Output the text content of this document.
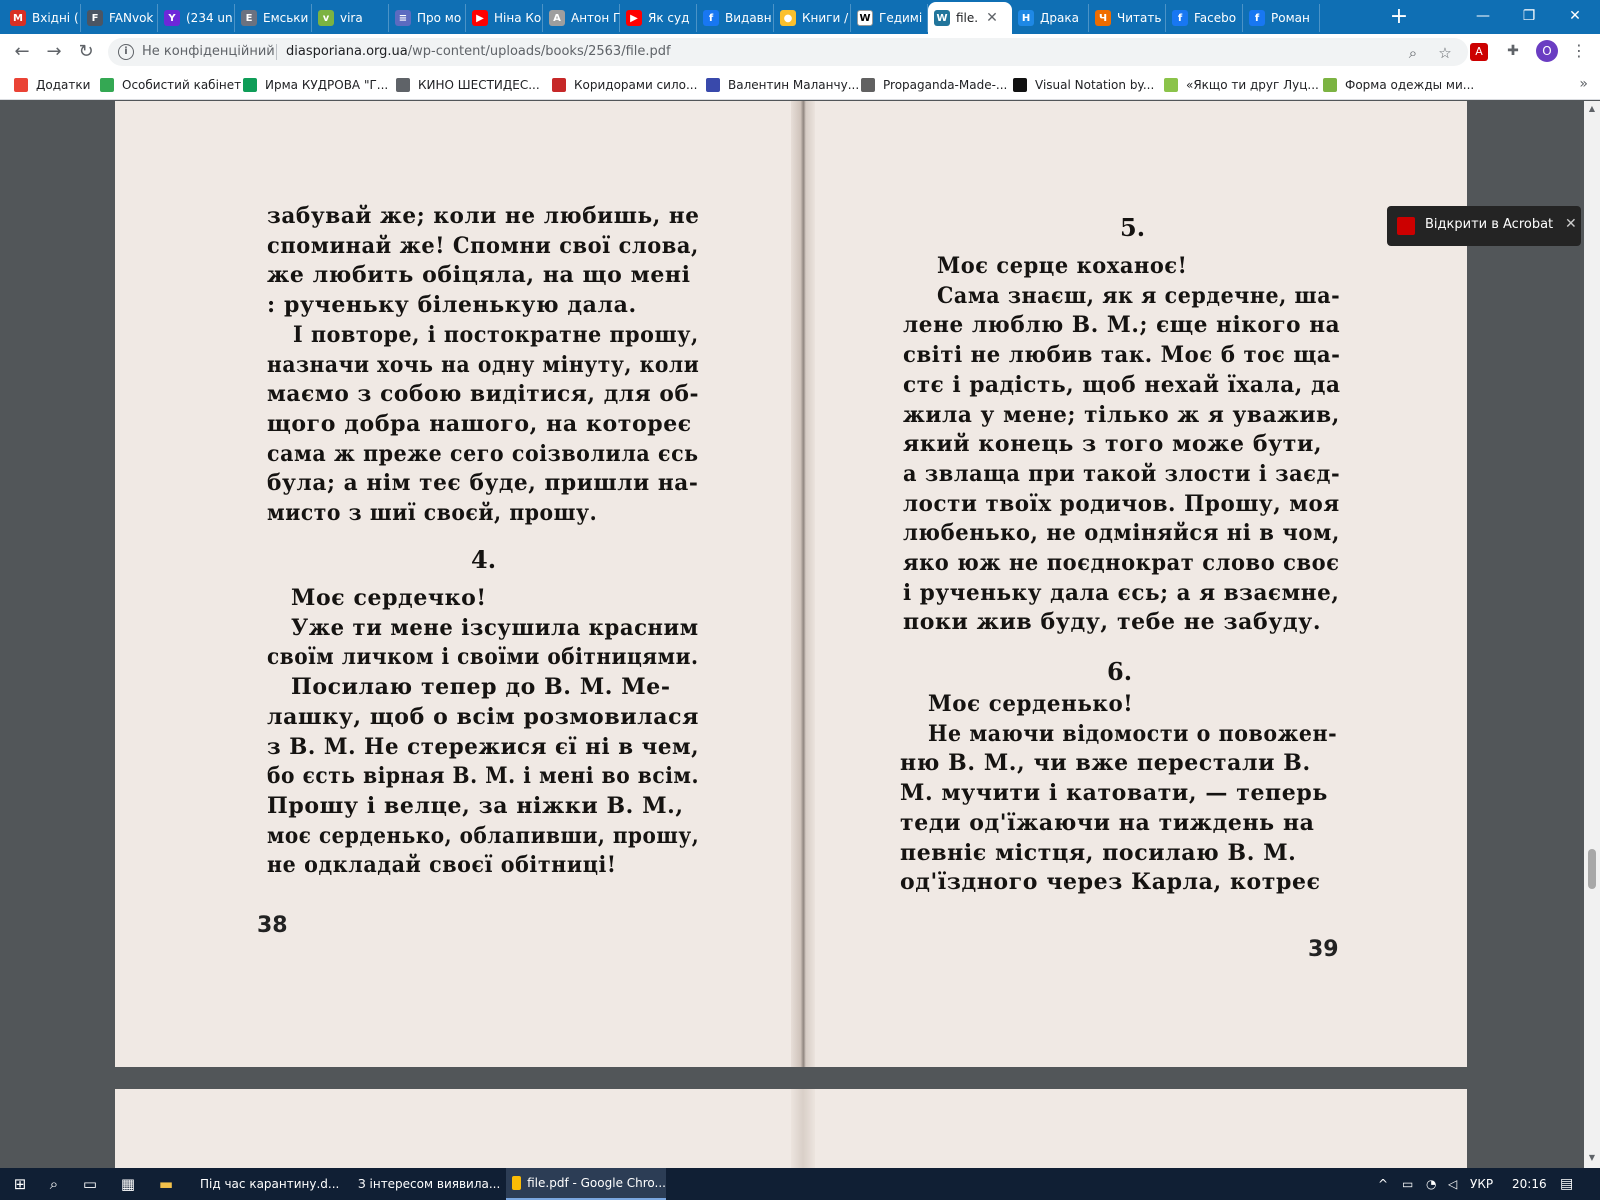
M Вхідні (	F FANvok	Y (234 un	Е Емськи	v vira	≡ Про мо	▶ Ніна Ко	A Антон Г ▶ Як суд	f Видавн	● Книги / W Гедимі W file. ✕	H Драка	Ч Читать	f Facebo	f Роман	+	—	❐	✕
← → ↻	i	Не конфіденційний diasporiana.org.ua/wp-content/uploads/books/2563/file.pdf	⌕	☆	A	✚	O	⋮
Додатки	Особистий кабінет Ирма КУДРОВА "Г... КИНО ШЕСТИДЕС...	Коридорами сило...	Валентин Маланчу... Propaganda-Made-... Visual Notation by...	«Якщо ти друг Луц... Форма одежды ми...	»
забувай же; коли не любишь, не
споминай же! Спомни свої слова,
же любить обіцяла, на що мені
: рученьку біленькую дала.
І повторе, і постократне прошу,
назначи хочь на одну мінуту, коли
маємо з собою видітися, для об-
щого добра нашого, на котореє
сама ж преже сего соізволила єсь
була; а нім теє буде, пришли на-
мисто з шиї своєй, прошу.
4.
Моє сердечко!
Уже ти мене ізсушила красним
своїм личком і своїми обітницями.
Посилаю тепер до В. М. Ме-
лашку, щоб о всім розмовилася
з В. М. Не стережися єї ні в чем,
бо єсть вірная В. М. і мені во всім.
Прошу і велце, за ніжки В. М.,
моє серденько, облапивши, прошу,
не одкладай своєї обітниці!
38
5.
Моє серце коханоє!
Сама знаєш, як я сердечне, ша-
лене люблю В. М.; єще нікого на
світі не любив так. Моє б тоє ща-
стє і радість, щоб нехай їхала, да
жила у мене; тілько ж я уважив,
який конець з того може бути,
а звлаща при такой злости і заєд-
лости твоїх родичов. Прошу, моя
любенько, не одміняйся ні в чом,
яко юж не поєднократ слово своє
і рученьку дала єсь; а я взаємне,
поки жив буду, тебе не забуду.
6.
Моє серденько!
Не маючи відомости о повожен-
ню В. М., чи вже перестали В.
М. мучити і катовати, — теперь
теди од'їжаючи на тиждень на
певніє містця, посилаю В. М.
од'їздного через Карла, котреє
39
Відкрити в Acrobat ✕
▲
▼
⊞	⌕	▭	▦	▬	Під час карантину.d... З інтересом виявила... file.pdf - Google Chro...	^ ▭ ◔ ◁ УКР 20:16 ▤
